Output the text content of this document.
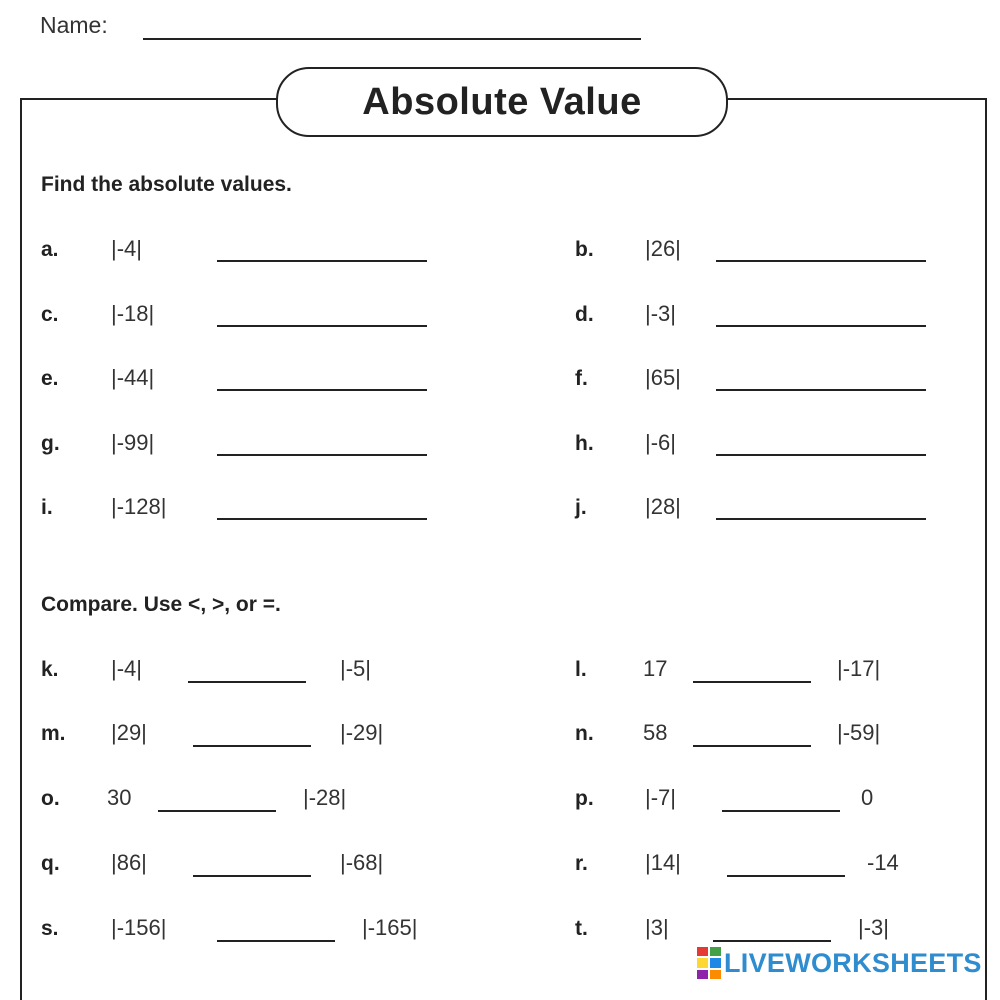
Name:
Absolute Value
Find the absolute values.
a. |-4|
c. |-18|
e. |-44|
g. |-99|
i.	|-128|
b. |26|
d. |-3|
f.	|65|
h. |-6|
j.	|28|
Compare. Use <, >, or =.
k. |-4|	|-5|
m. |29|	|-29|
o. 30	|-28|
q. |86|	|-68|
s. |-156|	|-165|
l.	17	|-17|
n. 58	|-59|
p. |-7|	0
r.	|14|	-14
t.	|3|	|-3|
LIVEWORKSHEETS
